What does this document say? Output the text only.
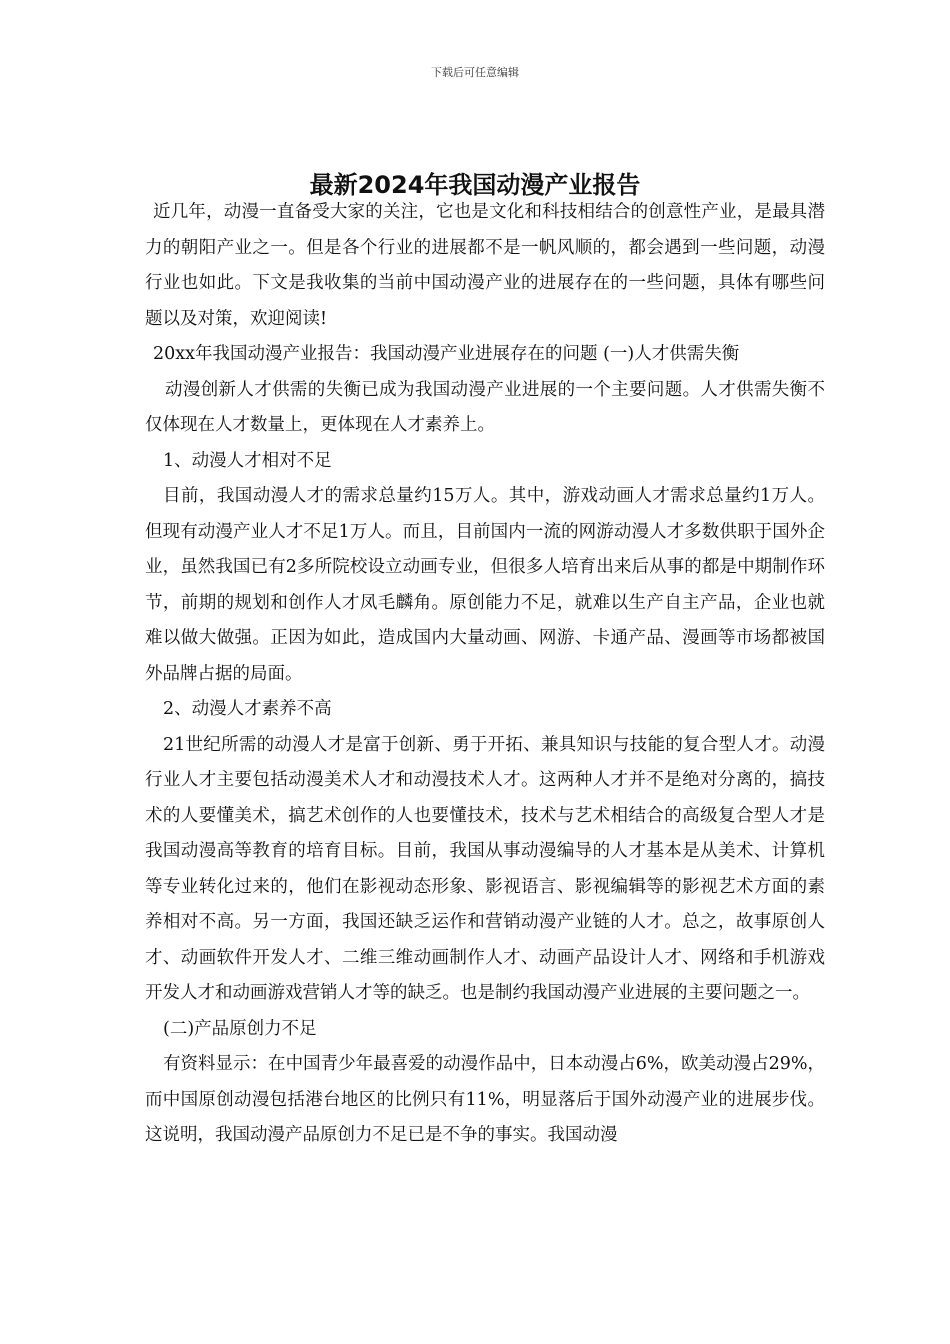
下载后可任意编辑
最新2024年我国动漫产业报告

近几年，动漫一直备受大家的关注，它也是文化和科技相结合的创意性产业，是最具潜力的朝阳产业之一。但是各个行业的进展都不是一帆风顺的，都会遇到一些问题，动漫行业也如此。下文是我收集的当前中国动漫产业的进展存在的一些问题，具体有哪些问题以及对策，欢迎阅读!

20xx年我国动漫产业报告：我国动漫产业进展存在的问题 (一)人才供需失衡

动漫创新人才供需的失衡已成为我国动漫产业进展的一个主要问题。人才供需失衡不仅体现在人才数量上，更体现在人才素养上。

1、动漫人才相对不足

目前，我国动漫人才的需求总量约15万人。其中，游戏动画人才需求总量约1万人。但现有动漫产业人才不足1万人。而且，目前国内一流的网游动漫人才多数供职于国外企业，虽然我国已有2多所院校设立动画专业，但很多人培育出来后从事的都是中期制作环节，前期的规划和创作人才凤毛麟角。原创能力不足，就难以生产自主产品，企业也就难以做大做强。正因为如此，造成国内大量动画、网游、卡通产品、漫画等市场都被国外品牌占据的局面。

2、动漫人才素养不高

21世纪所需的动漫人才是富于创新、勇于开拓、兼具知识与技能的复合型人才。动漫行业人才主要包括动漫美术人才和动漫技术人才。这两种人才并不是绝对分离的，搞技术的人要懂美术，搞艺术创作的人也要懂技术，技术与艺术相结合的高级复合型人才是我国动漫高等教育的培育目标。目前，我国从事动漫编导的人才基本是从美术、计算机等专业转化过来的，他们在影视动态形象、影视语言、影视编辑等的影视艺术方面的素养相对不高。另一方面，我国还缺乏运作和营销动漫产业链的人才。总之，故事原创人才、动画软件开发人才、二维三维动画制作人才、动画产品设计人才、网络和手机游戏开发人才和动画游戏营销人才等的缺乏。也是制约我国动漫产业进展的主要问题之一。

(二)产品原创力不足

有资料显示：在中国青少年最喜爱的动漫作品中，日本动漫占6%，欧美动漫占29%，而中国原创动漫包括港台地区的比例只有11%，明显落后于国外动漫产业的进展步伐。这说明，我国动漫产品原创力不足已是不争的事实。我国动漫
